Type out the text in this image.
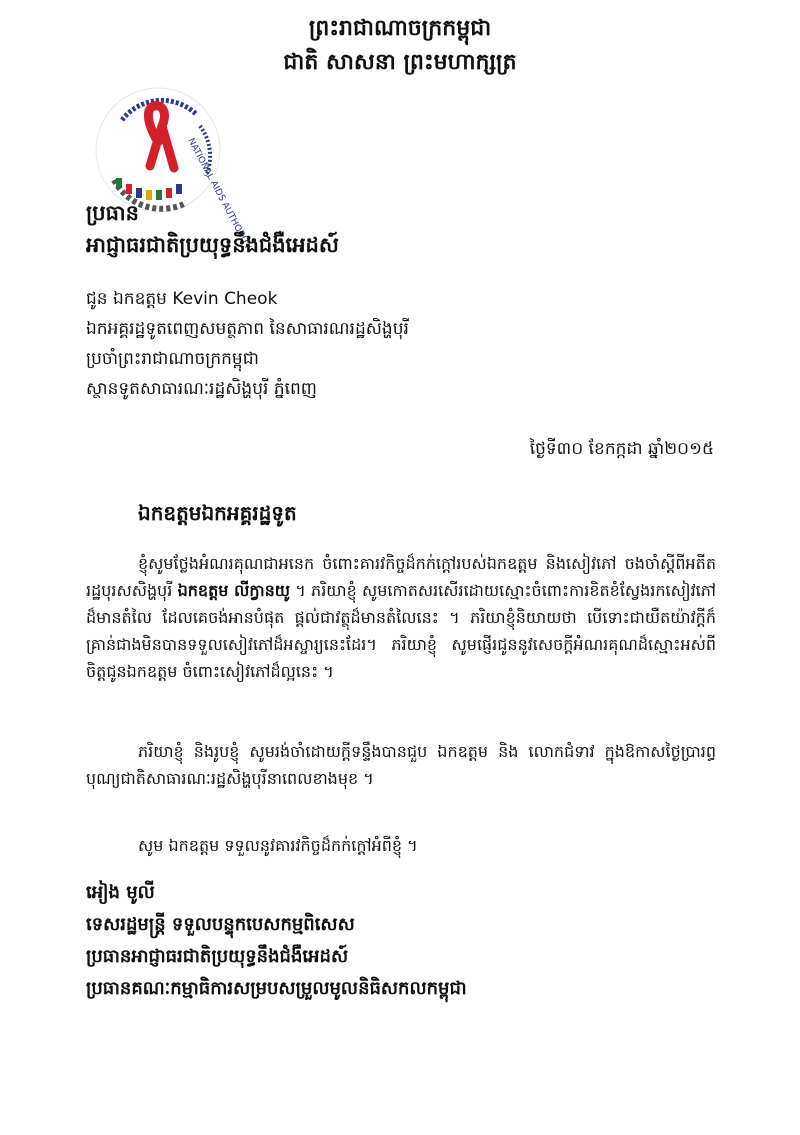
ព្រះរាជាណាចក្រកម្ពុជា
ជាតិ សាសនា ព្រះមហាក្សត្រ
NATIONAL AIDS AUTHORITY
ប្រធាន
អាជ្ញាធរជាតិប្រយុទ្ធនឹងជំងឺអេដស៍
ជូន ឯកឧត្តម Kevin Cheok
ឯកអគ្គរដ្ឋទូតពេញសមត្ថភាព នៃសាធារណរដ្ឋសិង្ហបុរី
ប្រចាំព្រះរាជាណាចក្រកម្ពុជា
ស្ថានទូតសាធារណៈរដ្ឋសិង្ហបុរី ភ្នំពេញ
ថ្ងៃទី៣០ ខែកក្កដា ឆ្នាំ២០១៥
ឯកឧត្តមឯកអគ្គរដ្ឋទូត
ខ្ញុំសូមថ្លែងអំណរគុណជាអនេក ចំពោះគារវកិច្ចដ៏កក់ក្ដៅរបស់ឯកឧត្តម និងសៀវភៅ ចងចាំស្ដីពីអតីតរដ្ឋបុរសសិង្ហបុរី ឯកឧត្តម លីក្វានយូ ។ ភរិយាខ្ញុំ សូមកោតសរសើរដោយស្មោះចំពោះការខិតខំស្វែងរកសៀវភៅដ៏មានតំលៃ ដែលគេចង់អានបំផុត ផ្ដល់ជាវត្ថុដ៏មានតំលៃនេះ ។ ភរិយាខ្ញុំនិយាយថា បើទោះជាយឺតយ៉ាវក្ដីក៏គ្រាន់ជាងមិនបានទទួលសៀវភៅដ៏អស្ចារ្យនេះដែរ។ ភរិយាខ្ញុំ សូមផ្ញើរជូននូវសេចក្ដីអំណរគុណដ៏ស្មោះអស់ពីចិត្តជូនឯកឧត្តម ចំពោះសៀវភៅដ៏ល្អនេះ ។
ភរិយាខ្ញុំ និងរូបខ្ញុំ សូមរង់ចាំដោយក្ដីទន្ទឹងបានជួប ឯកឧត្តម និង លោកជំទាវ ក្នុងឱកាសថ្ងៃប្រារព្ធបុណ្យជាតិសាធារណៈរដ្ឋសិង្ហបុរីនាពេលខាងមុខ ។
សូម ឯកឧត្តម ទទួលនូវគារវកិច្ចដ៏កក់ក្ដៅអំពីខ្ញុំ ។
អៀង មូលី
ទេសរដ្ឋមន្ត្រី ទទួលបន្ទុកបេសកម្មពិសេស
ប្រធានអាជ្ញាធរជាតិប្រយុទ្ធនឹងជំងឺអេដស៍
ប្រធានគណៈកម្មាធិការសម្របសម្រួលមូលនិធិសកលកម្ពុជា
